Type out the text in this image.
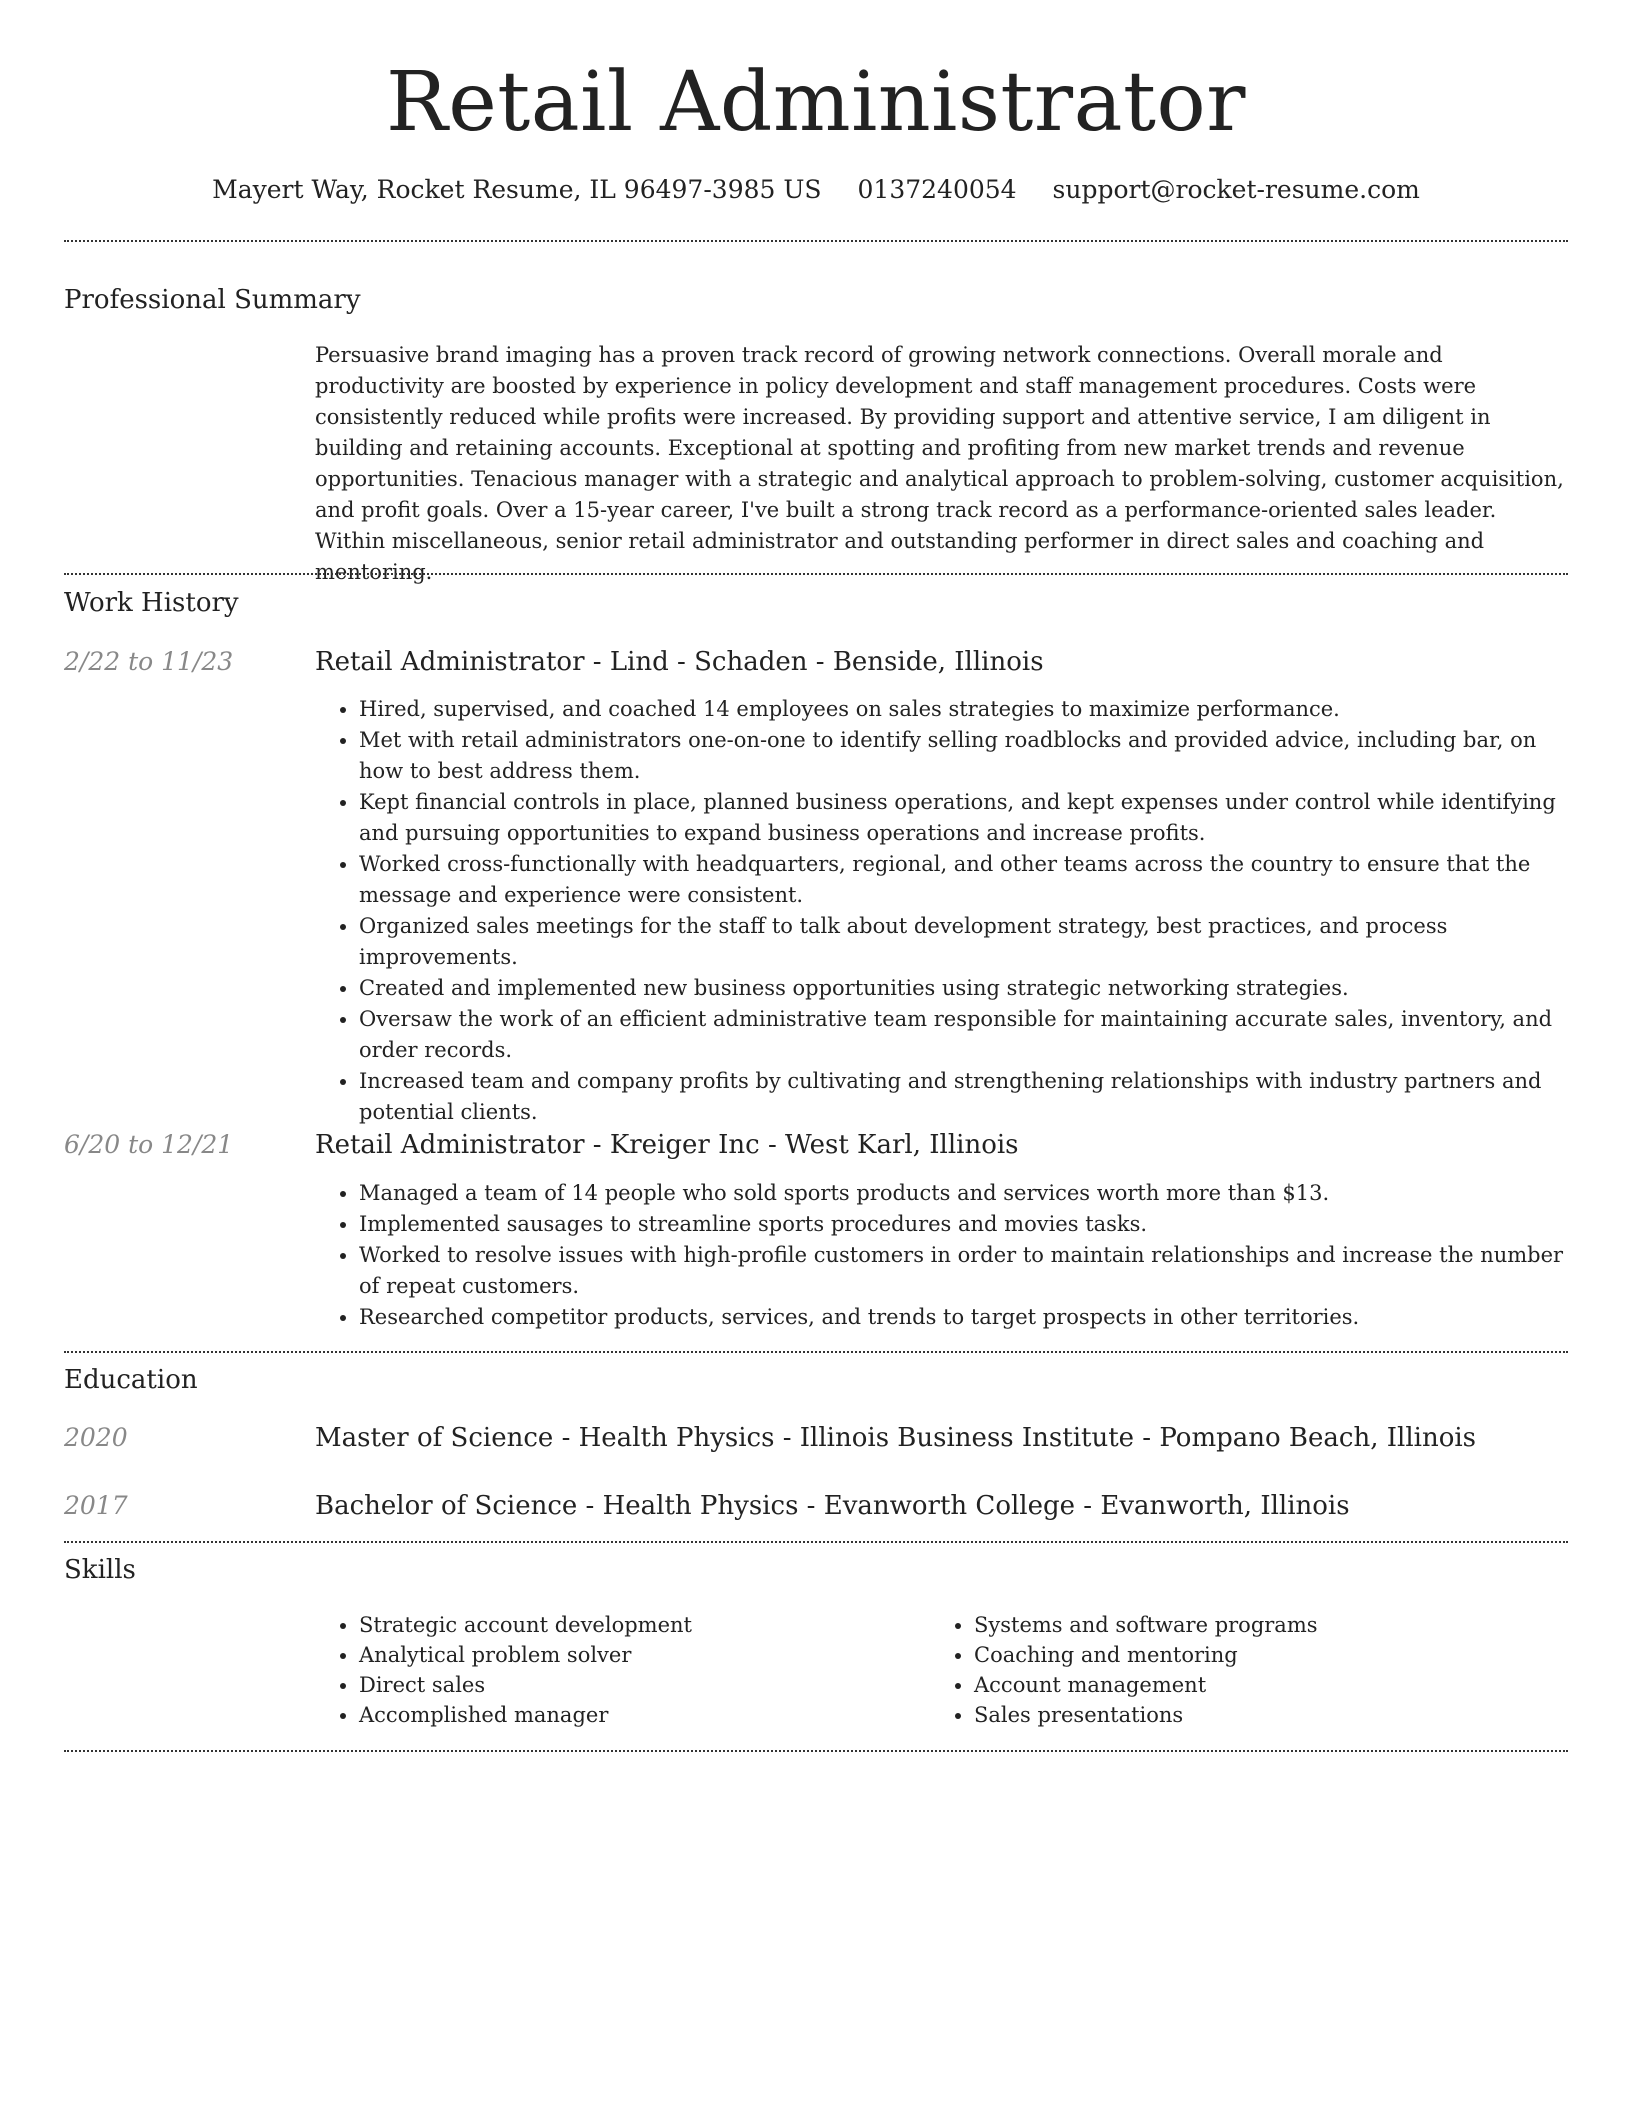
Retail Administrator
Mayert Way, Rocket Resume, IL 96497-3985 US 0137240054 support@rocket-resume.com
Professional Summary

Persuasive brand imaging has a proven track record of growing network connections. Overall morale and productivity are boosted by experience in policy development and staff management procedures. Costs were consistently reduced while profits were increased. By providing support and attentive service, I am diligent in building and retaining accounts. Exceptional at spotting and profiting from new market trends and revenue opportunities. Tenacious manager with a strategic and analytical approach to problem-solving, customer acquisition, and profit goals. Over a 15-year career, I've built a strong track record as a performance-oriented sales leader. Within miscellaneous, senior retail administrator and outstanding performer in direct sales and coaching and mentoring.

Work History
2/22 to 11/23	Retail Administrator - Lind - Schaden - Benside, Illinois
• Hired, supervised, and coached 14 employees on sales strategies to maximize performance.
• Met with retail administrators one-on-one to identify selling roadblocks and provided advice, including bar, on how to best address them.
• Kept financial controls in place, planned business operations, and kept expenses under control while identifying and pursuing opportunities to expand business operations and increase profits.
• Worked cross-functionally with headquarters, regional, and other teams across the country to ensure that the message and experience were consistent.
• Organized sales meetings for the staff to talk about development strategy, best practices, and process improvements.
• Created and implemented new business opportunities using strategic networking strategies.
• Oversaw the work of an efficient administrative team responsible for maintaining accurate sales, inventory, and order records.
• Increased team and company profits by cultivating and strengthening relationships with industry partners and potential clients.
6/20 to 12/21	Retail Administrator - Kreiger Inc - West Karl, Illinois
• Managed a team of 14 people who sold sports products and services worth more than $13.
• Implemented sausages to streamline sports procedures and movies tasks.
• Worked to resolve issues with high-profile customers in order to maintain relationships and increase the number of repeat customers.
• Researched competitor products, services, and trends to target prospects in other territories.
Education
2020	Master of Science - Health Physics - Illinois Business Institute - Pompano Beach, Illinois
2017	Bachelor of Science - Health Physics - Evanworth College - Evanworth, Illinois
Skills
• Strategic account development
• Analytical problem solver
• Direct sales
• Accomplished manager
• Systems and software programs
• Coaching and mentoring
• Account management
• Sales presentations
